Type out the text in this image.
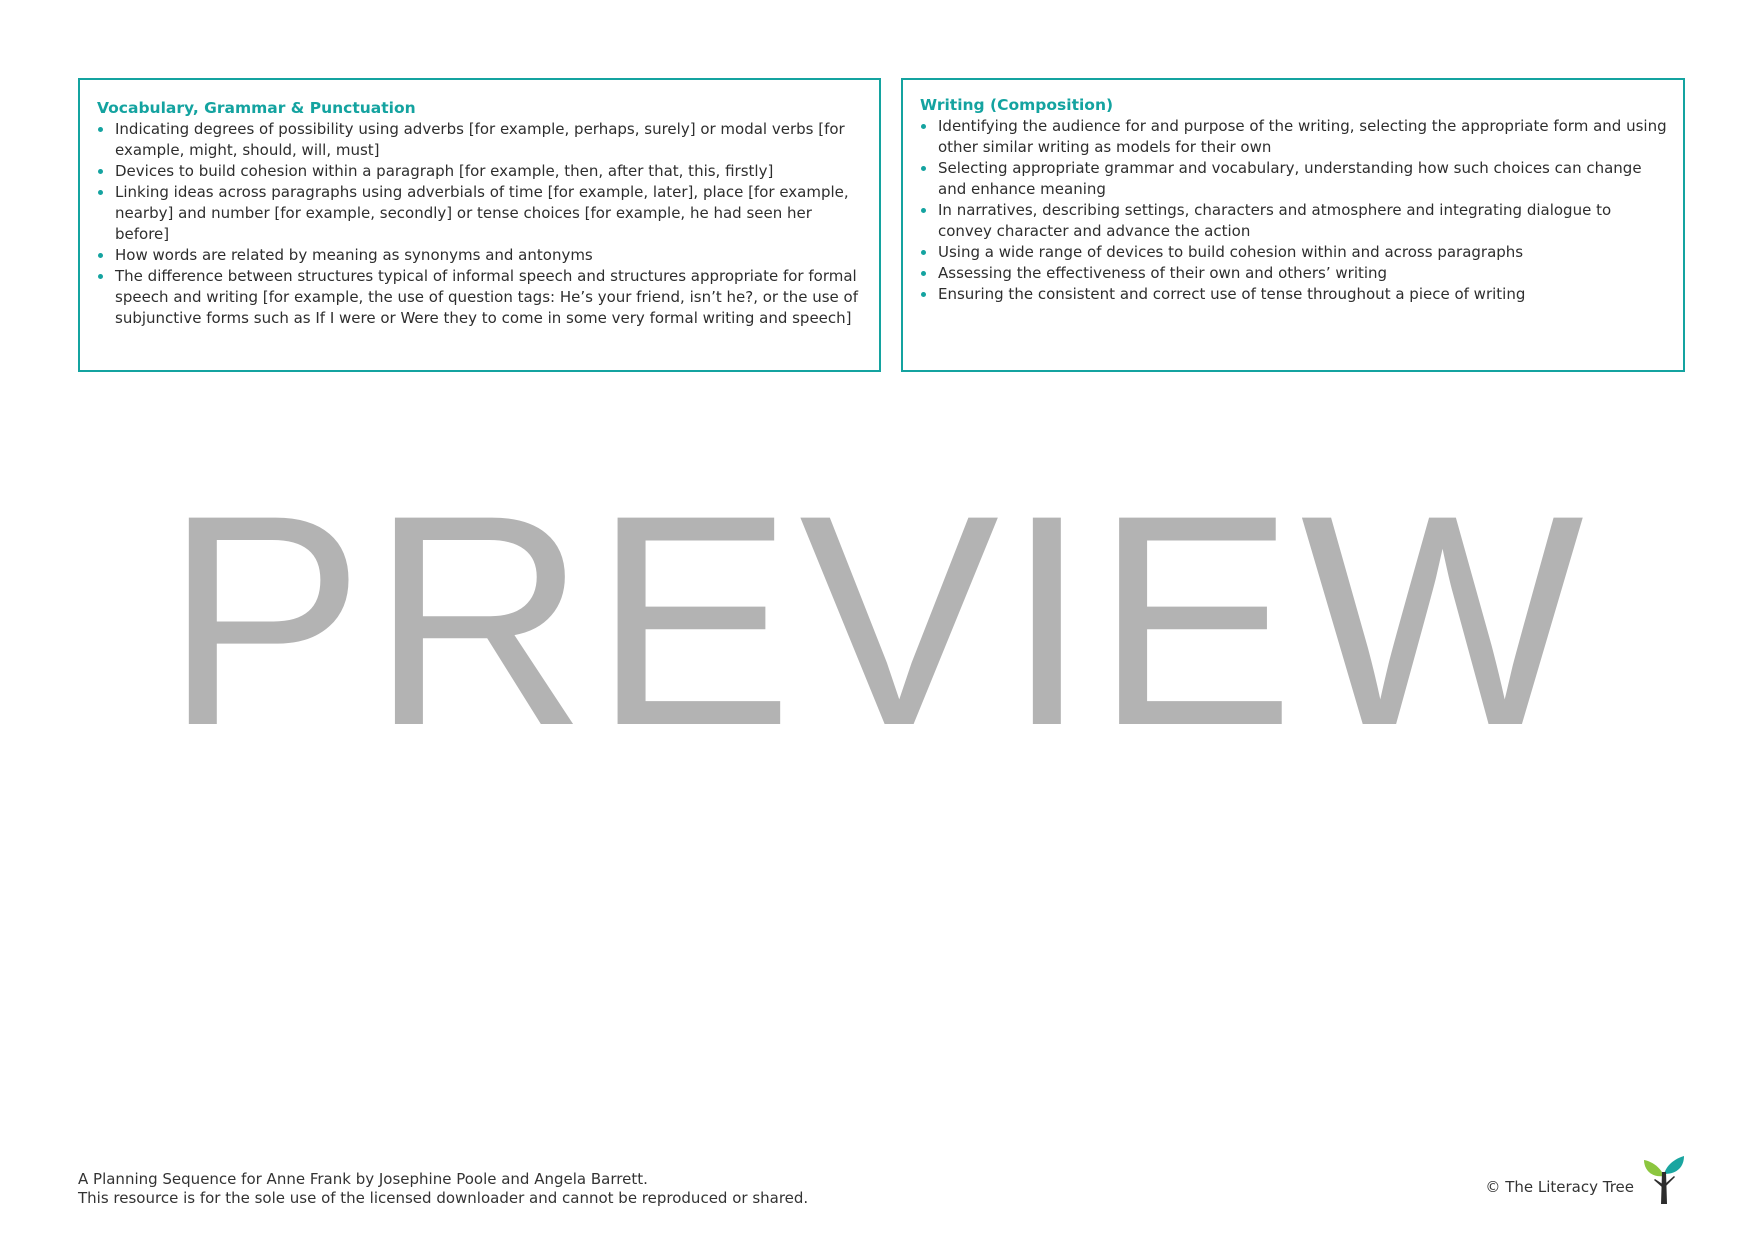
Vocabulary, Grammar & Punctuation
Indicating degrees of possibility using adverbs [for example, perhaps, surely] or modal verbs [for example, might, should, will, must]
Devices to build cohesion within a paragraph [for example, then, after that, this, firstly]
Linking ideas across paragraphs using adverbials of time [for example, later], place [for example, nearby] and number [for example, secondly] or tense choices [for example, he had seen her before]
How words are related by meaning as synonyms and antonyms
The difference between structures typical of informal speech and structures appropriate for formal speech and writing [for example, the use of question tags: He’s your friend, isn’t he?, or the use of subjunctive forms such as If I were or Were they to come in some very formal writing and speech]
Writing (Composition)
Identifying the audience for and purpose of the writing, selecting the appropriate form and using other similar writing as models for their own
Selecting appropriate grammar and vocabulary, understanding how such choices can change and enhance meaning
In narratives, describing settings, characters and atmosphere and integrating dialogue to convey character and advance the action
Using a wide range of devices to build cohesion within and across paragraphs
Assessing the effectiveness of their own and others’ writing
Ensuring the consistent and correct use of tense throughout a piece of writing
PREVIEW
A Planning Sequence for Anne Frank by Josephine Poole and Angela Barrett.
This resource is for the sole use of the licensed downloader and cannot be reproduced or shared.
© The Literacy Tree
